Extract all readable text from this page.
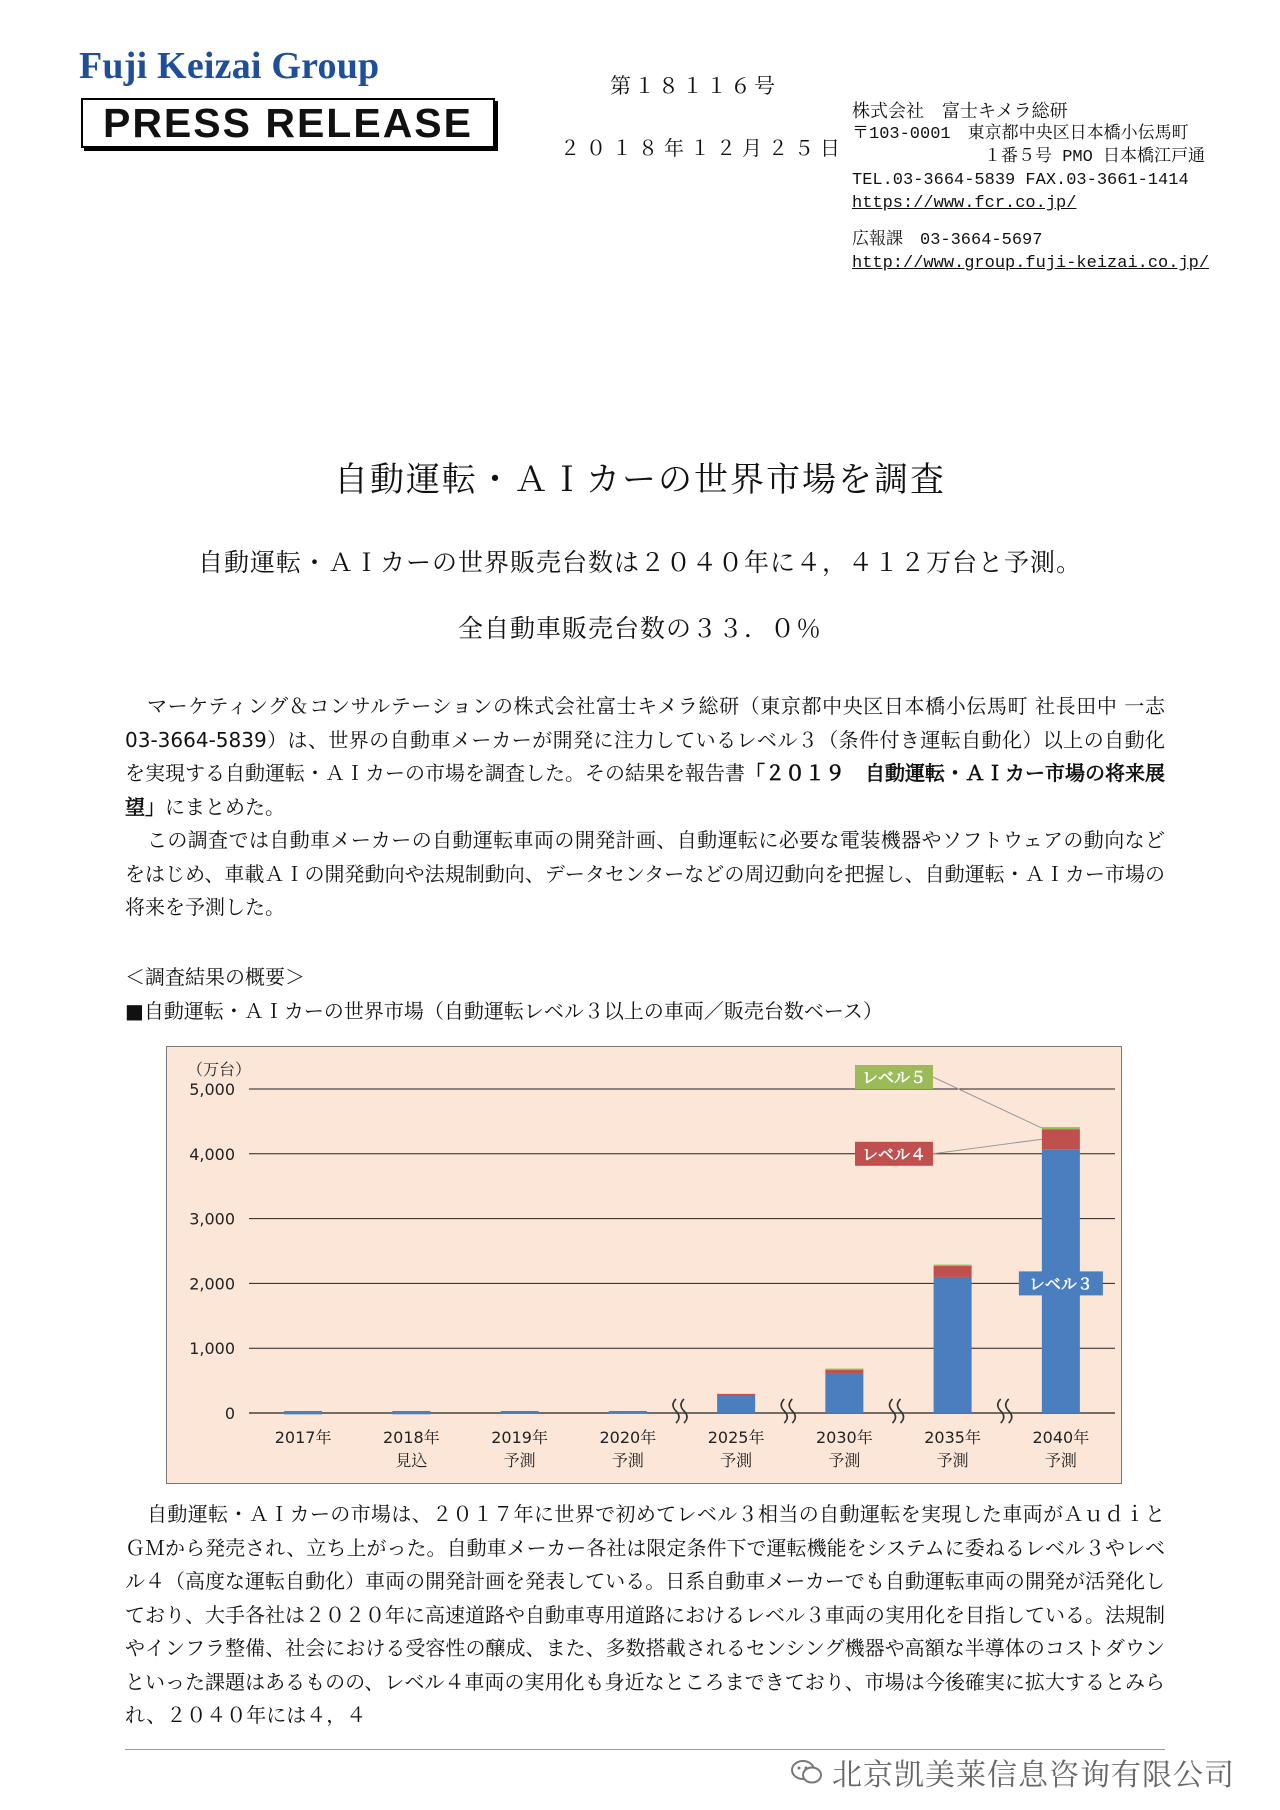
Fuji Keizai Group
PRESS RELEASE
第１８１１６号
２０１８年１２月２５日
株式会社　富士キメラ総研
〒103-0001　東京都中央区日本橋小伝馬町
１番５号 PMO 日本橋江戸通
TEL.03-3664-5839 FAX.03-3661-1414
https://www.fcr.co.jp/
広報課　03-3664-5697
http://www.group.fuji-keizai.co.jp/
自動運転・ＡＩカーの世界市場を調査
自動運転・ＡＩカーの世界販売台数は２０４０年に４，４１２万台と予測。
全自動車販売台数の３３．０％
マーケティング＆コンサルテーションの株式会社富士キメラ総研（東京都中央区日本橋小伝馬町 社長田中 一志 03-3664-5839）は、世界の自動車メーカーが開発に注力しているレベル３（条件付き運転自動化）以上の自動化を実現する自動運転・ＡＩカーの市場を調査した。その結果を報告書「２０１９　自動運転・ＡＩカー市場の将来展望」にまとめた。
この調査では自動車メーカーの自動運転車両の開発計画、自動運転に必要な電装機器やソフトウェアの動向などをはじめ、車載ＡＩの開発動向や法規制動向、データセンターなどの周辺動向を把握し、自動運転・ＡＩカー市場の将来を予測した。
＜調査結果の概要＞
■自動運転・ＡＩカーの世界市場（自動運転レベル３以上の車両／販売台数ベース）
（万台）
0
1,000
2,000
3,000
4,000
5,000
2017年	2018年
見込
2019年
予測
2020年
予測
2025年
予測
2030年
予測
2035年
予測
2040年
予測
レベル５
レベル４
レベル３
自動運転・ＡＩカーの市場は、２０１７年に世界で初めてレベル３相当の自動運転を実現した車両がＡｕｄｉとＧＭから発売され、立ち上がった。自動車メーカー各社は限定条件下で運転機能をシステムに委ねるレベル３やレベル４（高度な運転自動化）車両の開発計画を発表している。日系自動車メーカーでも自動運転車両の開発が活発化しており、大手各社は２０２０年に高速道路や自動車専用道路におけるレベル３車両の実用化を目指している。法規制やインフラ整備、社会における受容性の醸成、また、多数搭載されるセンシング機器や高額な半導体のコストダウンといった課題はあるものの、レベル４車両の実用化も身近なところまできており、市場は今後確実に拡大するとみられ、２０４０年には４，４
北京凯美莱信息咨询有限公司
